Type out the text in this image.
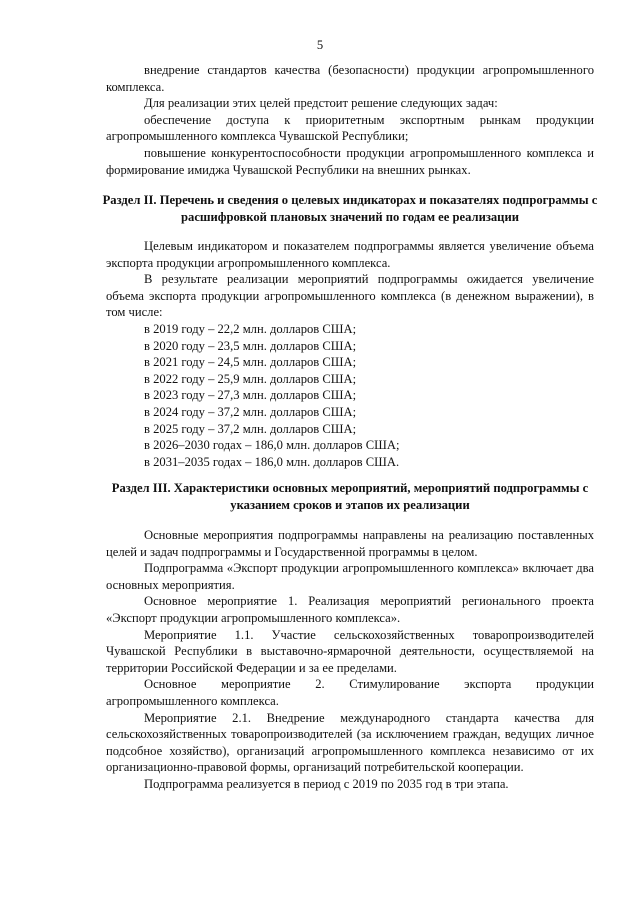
5

внедрение стандартов качества (безопасности) продукции агропромышленного комплекса.

Для реализации этих целей предстоит решение следующих задач:

обеспечение доступа к приоритетным экспортным рынкам продукции агропромышленного комплекса Чувашской Республики;

повышение конкурентоспособности продукции агропромышленного комплекса и формирование имиджа Чувашской Республики на внешних рынках.

Раздел II. Перечень и сведения о целевых индикаторах и показателях подпрограммы с расшифровкой плановых значений по годам ее реализации

Целевым индикатором и показателем подпрограммы является увеличение объема экспорта продукции агропромышленного комплекса.

В результате реализации мероприятий подпрограммы ожидается увеличение объема экспорта продукции агропромышленного комплекса (в денежном выражении), в том числе:

в 2019 году – 22,2 млн. долларов США;
в 2020 году – 23,5 млн. долларов США;
в 2021 году – 24,5 млн. долларов США;
в 2022 году – 25,9 млн. долларов США;
в 2023 году – 27,3 млн. долларов США;
в 2024 году – 37,2 млн. долларов США;
в 2025 году – 37,2 млн. долларов США;
в 2026–2030 годах – 186,0 млн. долларов США;
в 2031–2035 годах – 186,0 млн. долларов США.
Раздел III. Характеристики основных мероприятий, мероприятий подпрограммы с указанием сроков и этапов их реализации

Основные мероприятия подпрограммы направлены на реализацию поставленных целей и задач подпрограммы и Государственной программы в целом.

Подпрограмма «Экспорт продукции агропромышленного комплекса» включает два основных мероприятия.

Основное мероприятие 1. Реализация мероприятий регионального проекта «Экспорт продукции агропромышленного комплекса».

Мероприятие 1.1. Участие сельскохозяйственных товаропроизводителей Чувашской Республики в выставочно-ярмарочной деятельности, осуществляемой на территории Российской Федерации и за ее пределами.

Основное мероприятие 2. Стимулирование экспорта продукции агропромышленного комплекса.

Мероприятие 2.1. Внедрение международного стандарта качества для сельскохозяйственных товаропроизводителей (за исключением граждан, ведущих личное подсобное хозяйство), организаций агропромышленного комплекса независимо от их организационно-правовой формы, организаций потребительской кооперации.

Подпрограмма реализуется в период с 2019 по 2035 год в три этапа.
